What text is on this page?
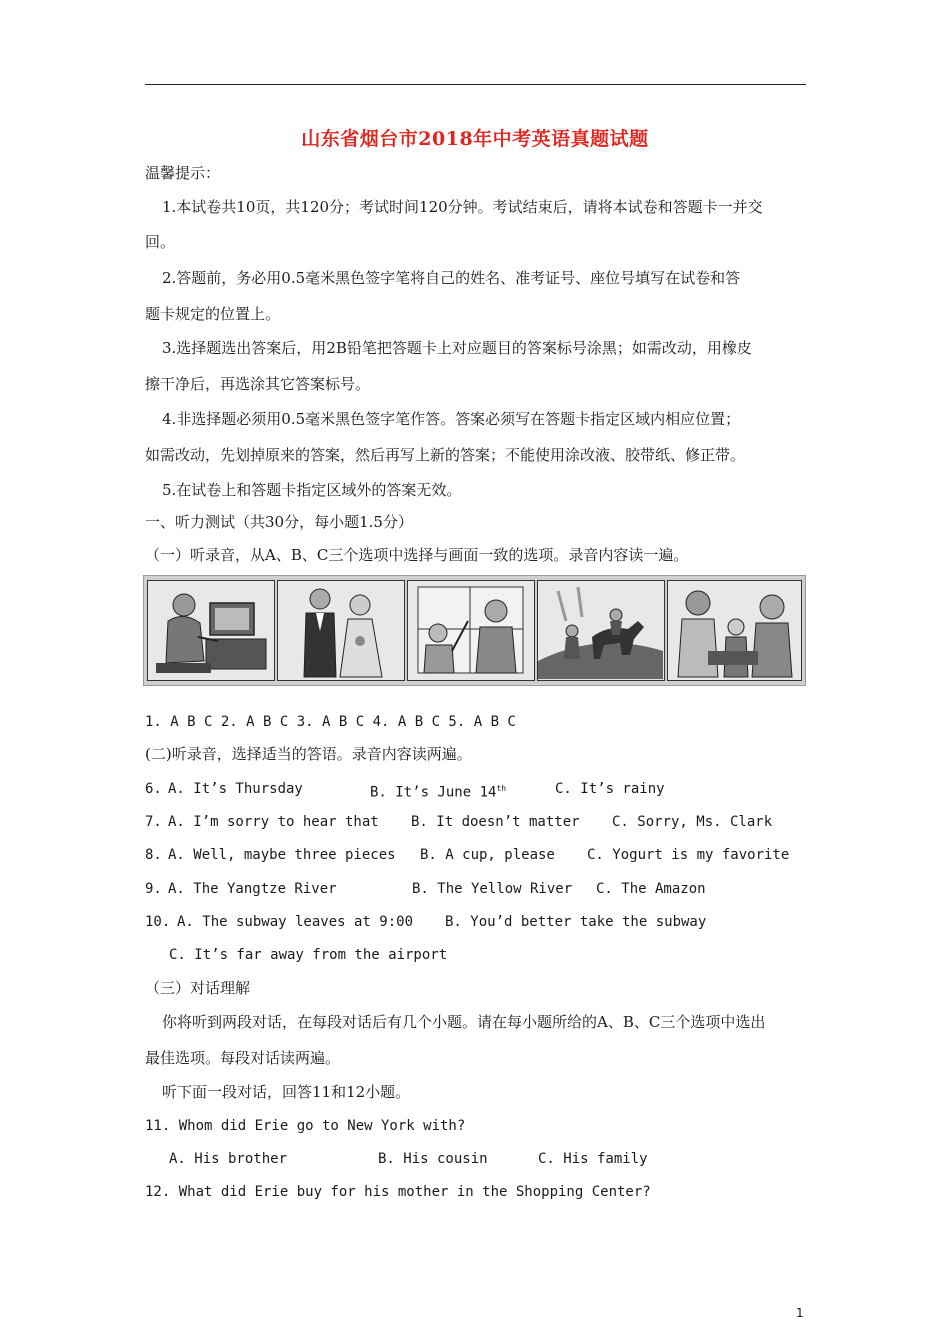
山东省烟台市2018年中考英语真题试题
温馨提示：
1.本试卷共10页，共120分；考试时间120分钟。考试结束后，请将本试卷和答题卡一并交
回。
2.答题前，务必用0.5毫米黑色签字笔将自己的姓名、准考证号、座位号填写在试卷和答
题卡规定的位置上。
3.选择题选出答案后，用2B铅笔把答题卡上对应题目的答案标号涂黑；如需改动，用橡皮
擦干净后，再选涂其它答案标号。
4.非选择题必须用0.5毫米黑色签字笔作答。答案必须写在答题卡指定区域内相应位置；
如需改动，先划掉原来的答案，然后再写上新的答案；不能使用涂改液、胶带纸、修正带。
5.在试卷上和答题卡指定区域外的答案无效。
一、听力测试（共30分，每小题1.5分）
（一）听录音，从A、B、C三个选项中选择与画面一致的选项。录音内容读一遍。
1. A B C 2. A B C 3. A B C 4. A B C 5. A B C
(二)听录音，选择适当的答语。录音内容读两遍。
6. A. It’s Thursday	B. It’s June 14th	C. It’s rainy
7. A. I’m sorry to hear that B. It doesn’t matter C. Sorry, Ms. Clark
8. A. Well, maybe three pieces B. A cup, please C. Yogurt is my favorite
9. A. The Yangtze River	B. The Yellow River C. The Amazon
10. A. The subway leaves at 9:00 B. You’d better take the subway
C. It’s far away from the airport
（三）对话理解
你将听到两段对话，在每段对话后有几个小题。请在每小题所给的A、B、C三个选项中选出
最佳选项。每段对话读两遍。
听下面一段对话，回答11和12小题。
11. Whom did Erie go to New York with?
A. His brother	B. His cousin	C. His family
12. What did Erie buy for his mother in the Shopping Center?
1
